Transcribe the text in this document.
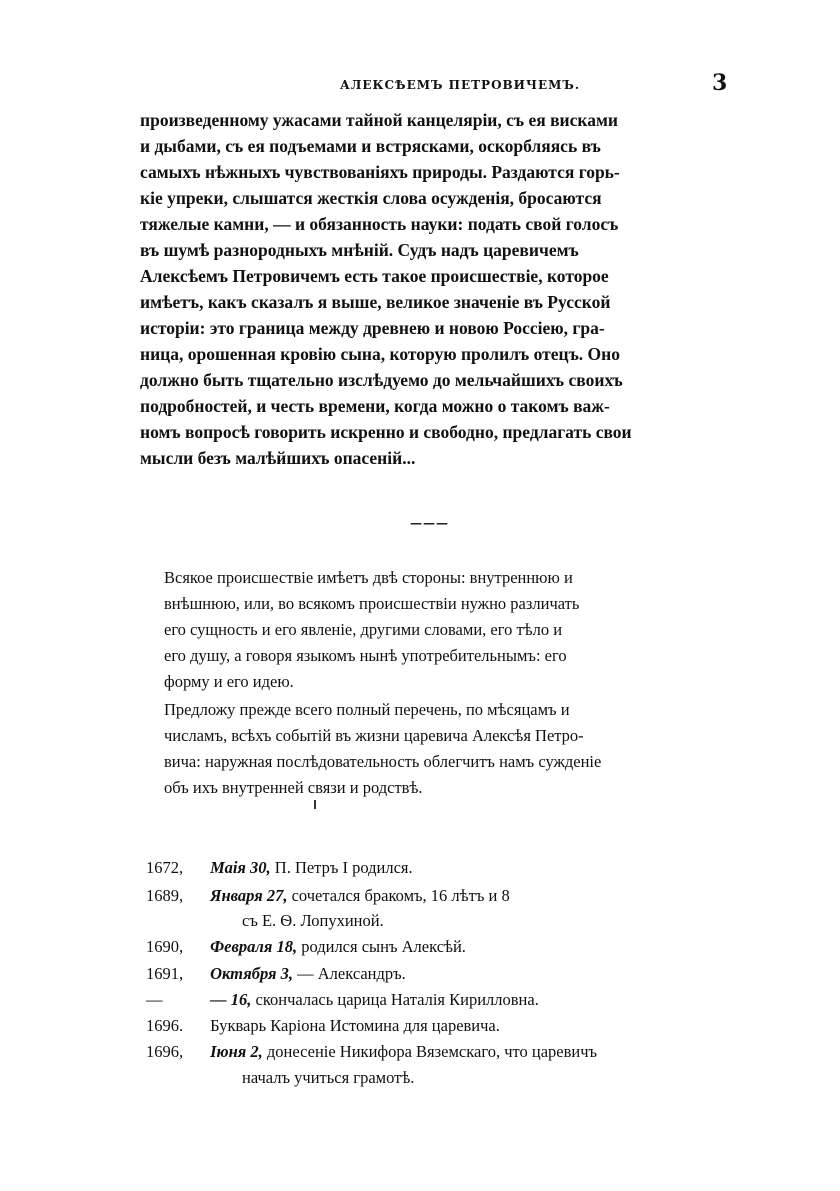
АЛЕКСѢЕМЪ ПЕТРОВИЧЕМЪ.	3
произведенному ужасами тайной канцелярiи, съ ея висками
и дыбами, съ ея подъемами и встрясками, оскорбляясь въ
самыхъ нѣжныхъ чувствованiяхъ природы. Раздаются горь-
кiе упреки, слышатся жесткiя слова осужденiя, бросаются
тяжелые камни, — и обязанность науки: подать свой голосъ
въ шумѣ разнородныхъ мнѣнiй. Судъ надъ царевичемъ
Алексѣемъ Петровичемъ есть такое происшествiе, которое
имѣетъ, какъ сказалъ я выше, великое значенiе въ Русской
исторiи: это граница между древнею и новою Россiею, гра-
ница, орошенная кровiю сына, которую пролилъ отецъ. Оно
должно быть тщательно изслѣдуемо до мельчайшихъ своихъ
подробностей, и честь времени, когда можно о такомъ важ-
номъ вопросѣ говорить искренно и свободно, предлагать свои
мысли безъ малѣйшихъ опасенiй...
———
Всякое происшествiе имѣетъ двѣ стороны: внутреннюю и
внѣшнюю, или, во всякомъ происшествiи нужно различать
его сущность и его явленiе, другими словами, его тѣло и
его душу, а говоря языкомъ нынѣ употребительнымъ: его
форму и его идею.
Предложу прежде всего полный перечень, по мѣсяцамъ и
числамъ, всѣхъ событiй въ жизни царевича Алексѣя Петро-
вича: наружная послѣдовательность облегчитъ намъ сужденiе
объ ихъ внутренней связи и родствѣ.
1672, Маiя 30, П. Петръ I родился.
1689, Января 27, сочетался бракомъ, 16 лѣтъ и 8
съ Е. Ѳ. Лопухиной.
1690, Февраля 18, родился сынъ Алексѣй.
1691, Октября 3, — Александръ.
—	— 16, скончалась царица Наталiя Кирилловна.
1696. Букварь Карiона Истомина для царевича.
1696, Iюня 2, донесенiе Никифора Вяземскаго, что царевичъ
началъ учиться грамотѣ.
